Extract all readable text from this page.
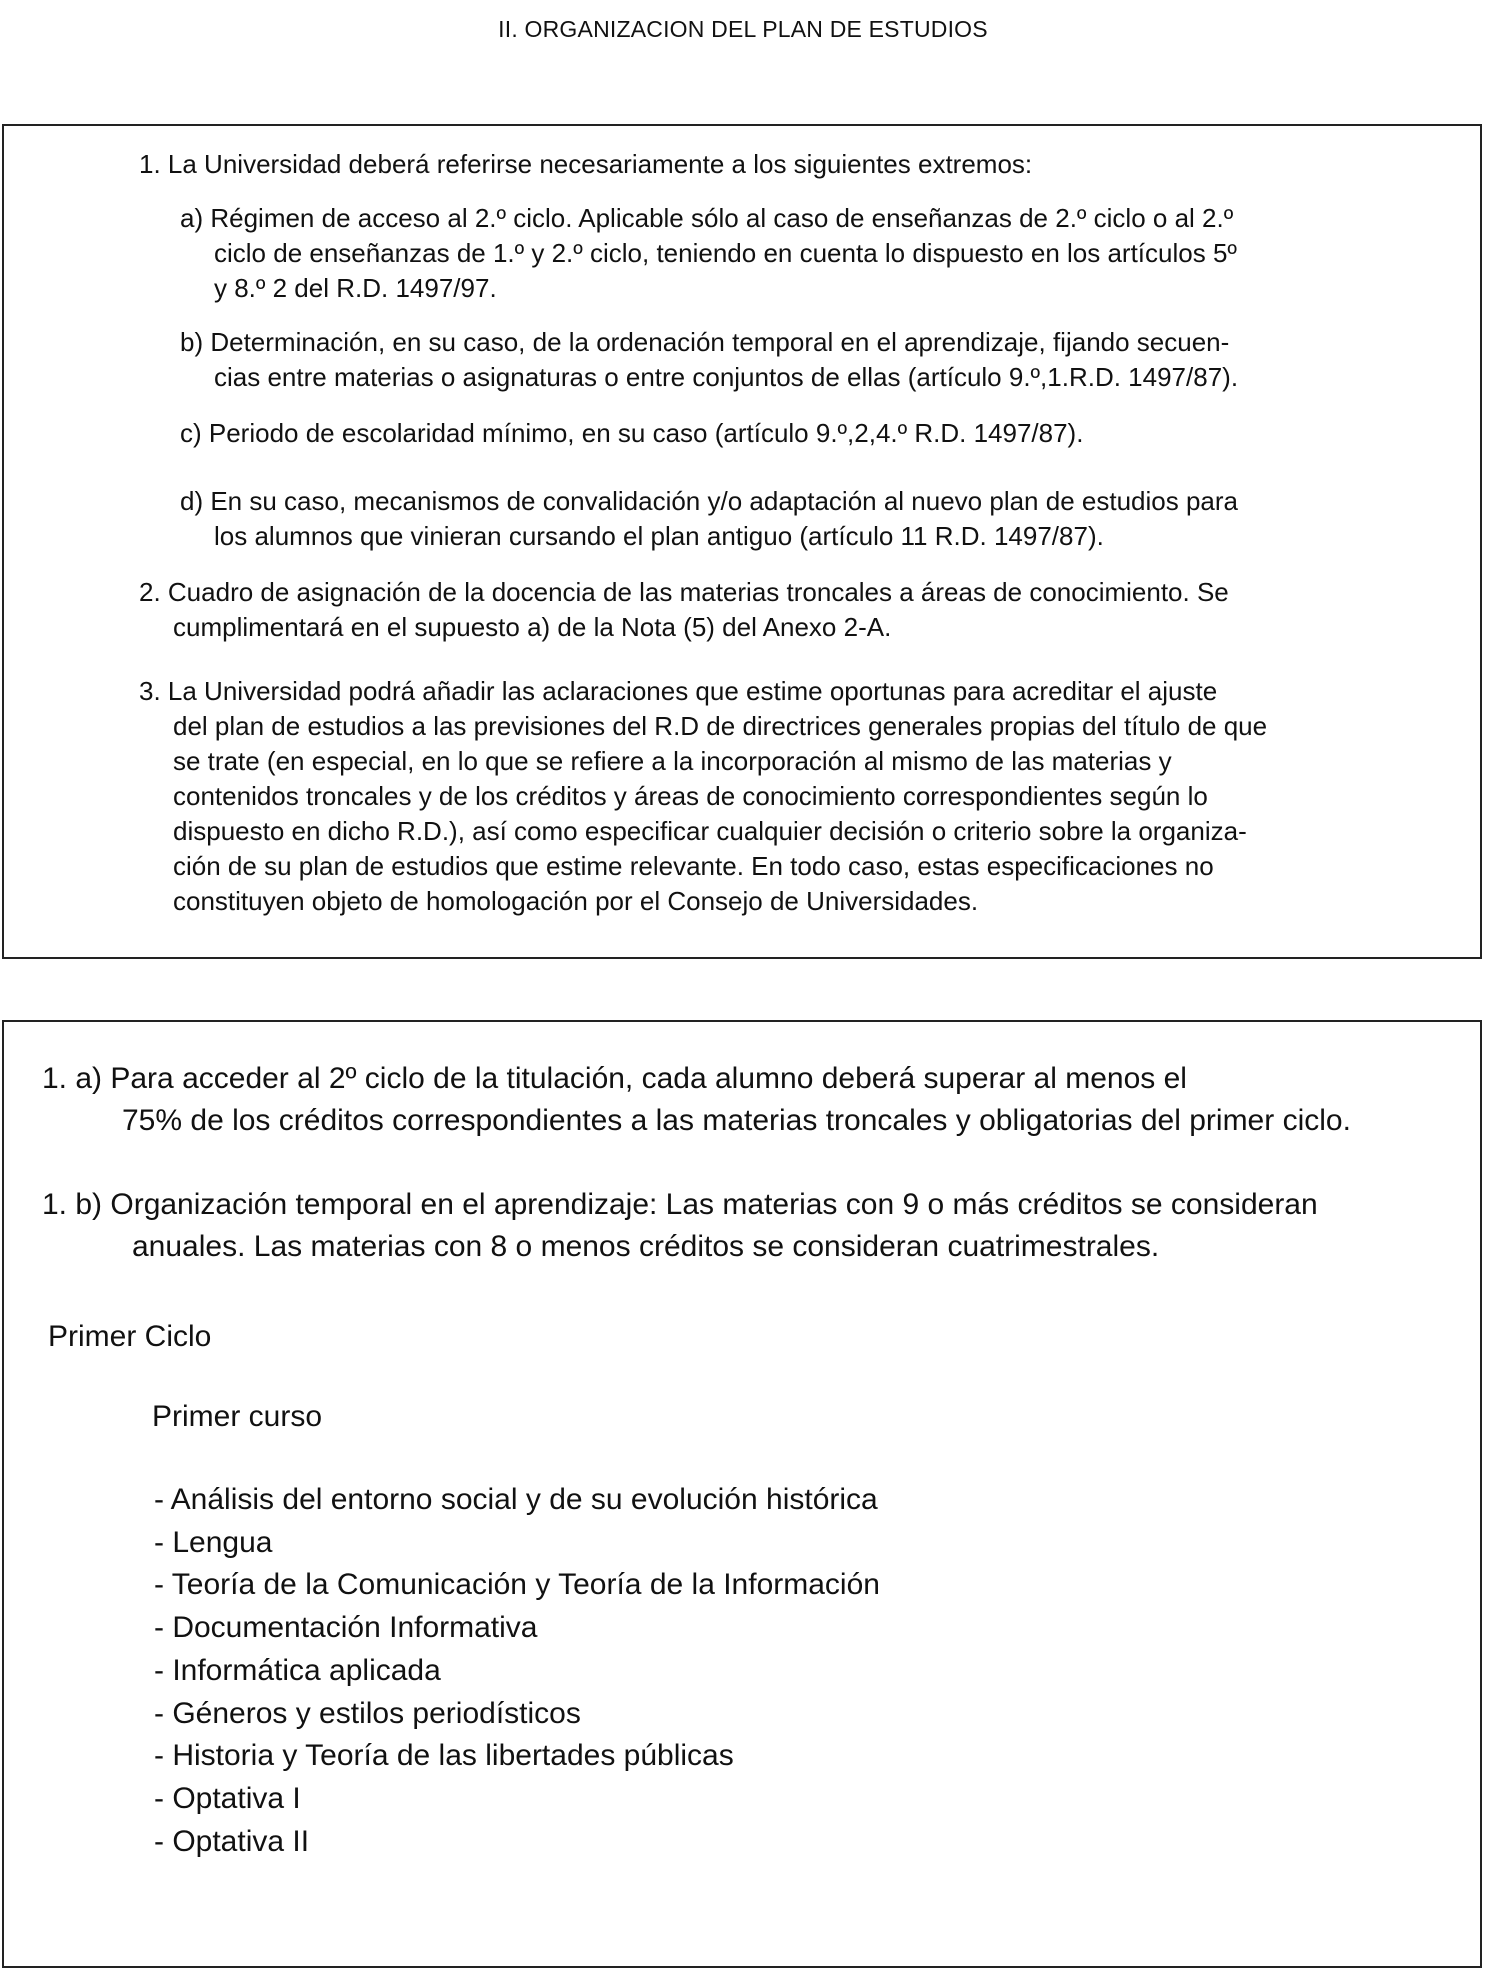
II. ORGANIZACION DEL PLAN DE ESTUDIOS

1. La Universidad deberá referirse necesariamente a los siguientes extremos:

a) Régimen de acceso al 2.º ciclo. Aplicable sólo al caso de enseñanzas de 2.º ciclo o al 2.º

ciclo de enseñanzas de 1.º y 2.º ciclo, teniendo en cuenta lo dispuesto en los artículos 5º

y 8.º 2 del R.D. 1497/97.

b) Determinación, en su caso, de la ordenación temporal en el aprendizaje, fijando secuen-

cias entre materias o asignaturas o entre conjuntos de ellas (artículo 9.º,1.R.D. 1497/87).

c) Periodo de escolaridad mínimo, en su caso (artículo 9.º,2,4.º R.D. 1497/87).

d) En su caso, mecanismos de convalidación y/o adaptación al nuevo plan de estudios para

los alumnos que vinieran cursando el plan antiguo (artículo 11 R.D. 1497/87).

2. Cuadro de asignación de la docencia de las materias troncales a áreas de conocimiento. Se

cumplimentará en el supuesto a) de la Nota (5) del Anexo 2-A.

3. La Universidad podrá añadir las aclaraciones que estime oportunas para acreditar el ajuste

del plan de estudios a las previsiones del R.D de directrices generales propias del título de que

se trate (en especial, en lo que se refiere a la incorporación al mismo de las materias y

contenidos troncales y de los créditos y áreas de conocimiento correspondientes según lo

dispuesto en dicho R.D.), así como especificar cualquier decisión o criterio sobre la organiza-

ción de su plan de estudios que estime relevante. En todo caso, estas especificaciones no

constituyen objeto de homologación por el Consejo de Universidades.

1. a) Para acceder al 2º ciclo de la titulación, cada alumno deberá superar al menos el

75% de los créditos correspondientes a las materias troncales y obligatorias del primer ciclo.

1. b) Organización temporal en el aprendizaje: Las materias con 9 o más créditos se consideran

anuales. Las materias con 8 o menos créditos se consideran cuatrimestrales.

Primer Ciclo

Primer curso

- Análisis del entorno social y de su evolución histórica
- Lengua
- Teoría de la Comunicación y Teoría de la Información
- Documentación Informativa
- Informática aplicada
- Géneros y estilos periodísticos
- Historia y Teoría de las libertades públicas
- Optativa I
- Optativa II
